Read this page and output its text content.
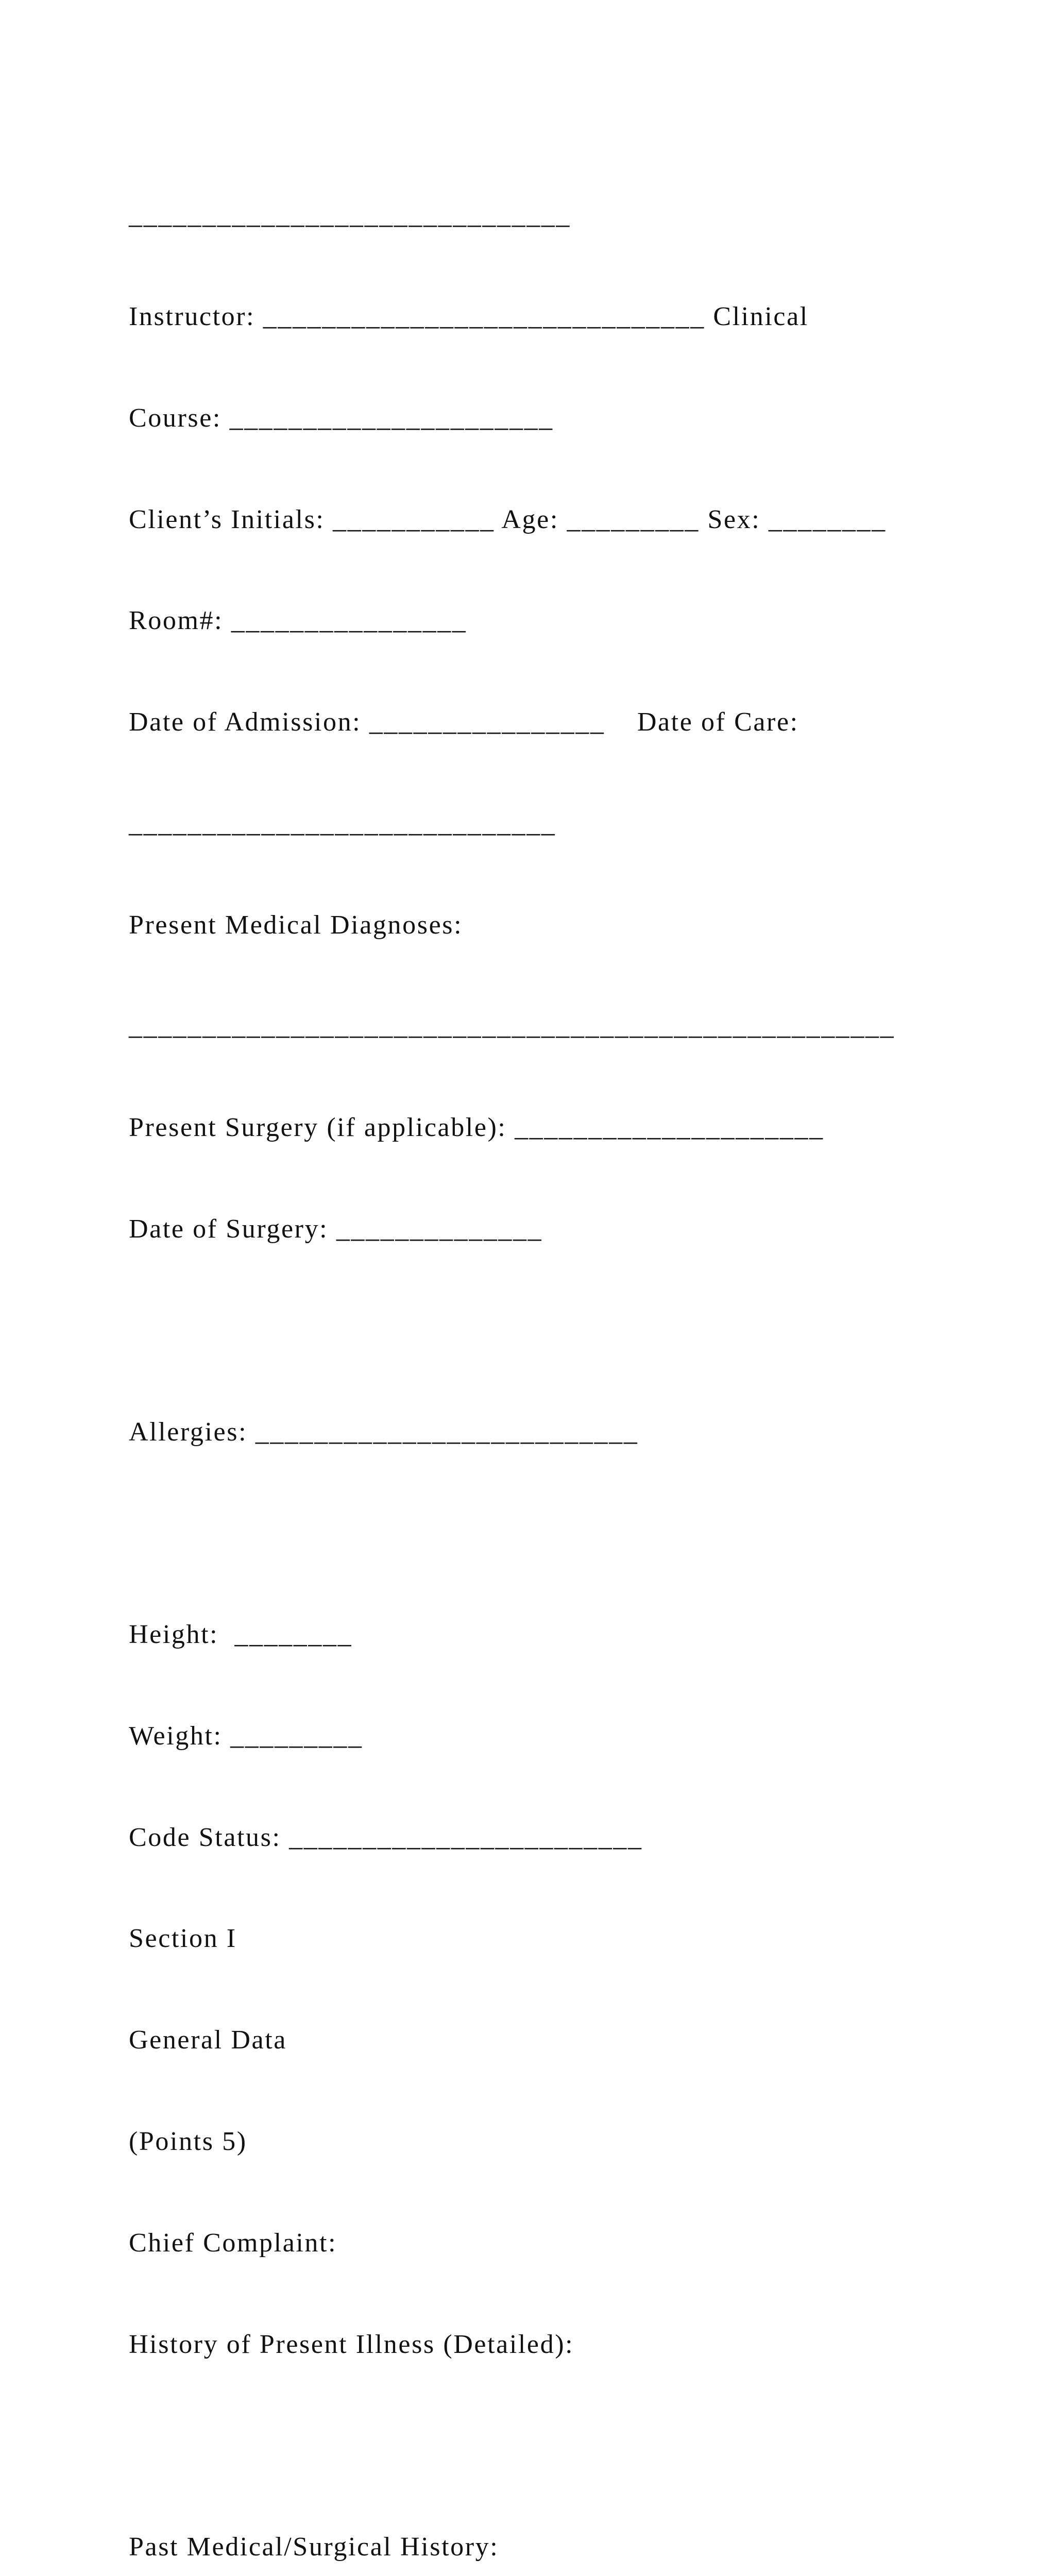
______________________________

Instructor: ______________________________ Clinical

Course: ______________________

Client’s Initials: ___________ Age: _________ Sex: ________

Room#: ________________

Date of Admission: ________________    Date of Care:

_____________________________

Present Medical Diagnoses:

____________________________________________________

Present Surgery (if applicable): _____________________

Date of Surgery: ______________

Allergies: __________________________

Height:  ________

Weight: _________

Code Status: ________________________

Section I

General Data

(Points 5)

Chief Complaint:

History of Present Illness (Detailed):

Past Medical/Surgical History:
